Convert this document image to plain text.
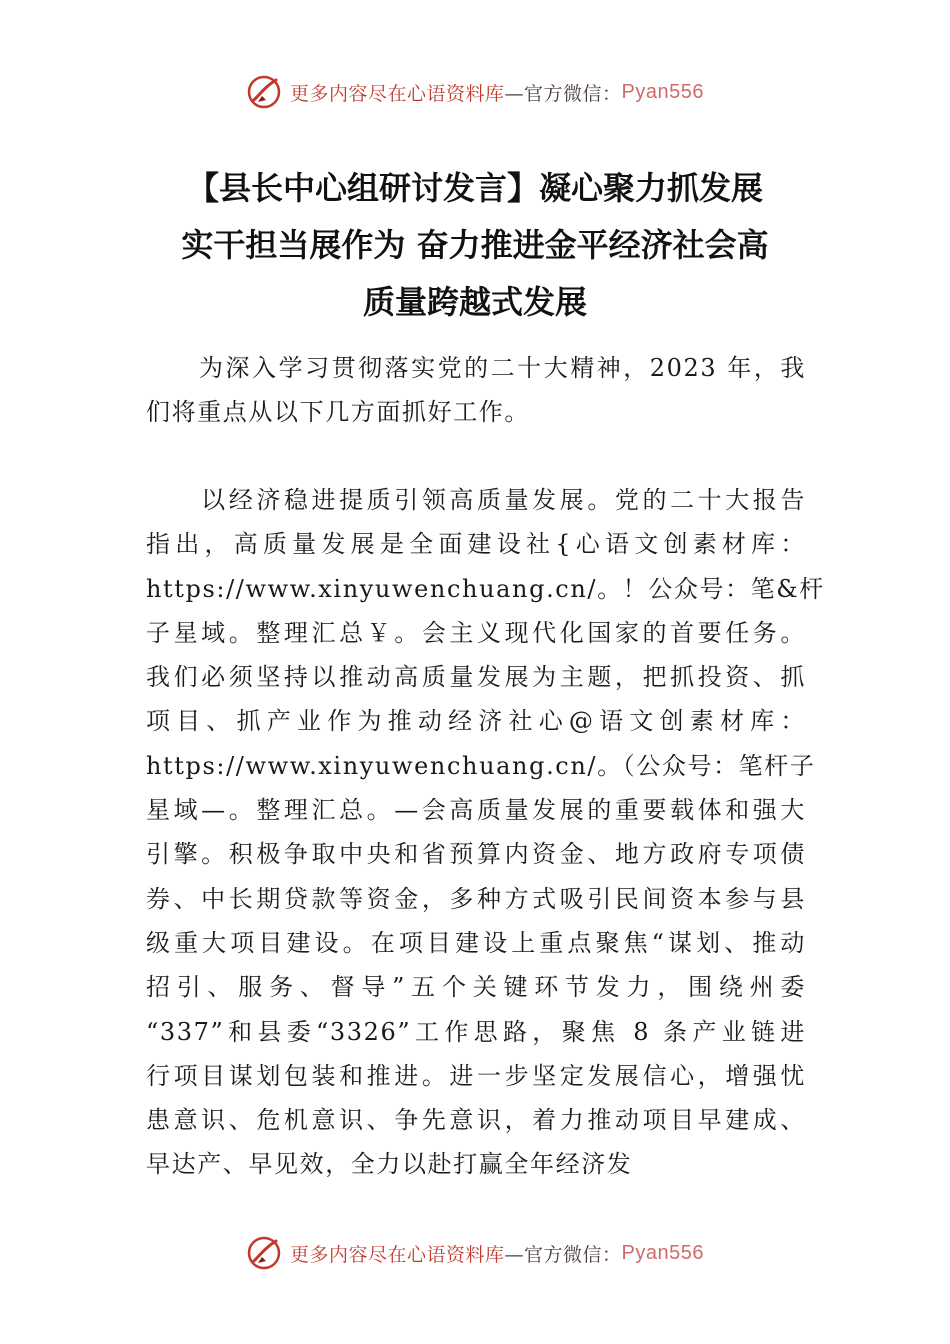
更多内容尽在心语资料库 —官方微信： Pyan556
【县长中心组研讨发言】凝心聚力抓发展
实干担当展作为 奋力推进金平经济社会高
质量跨越式发展
　　为深入学习贯彻落实党的二十大精神，2023 年，我
们将重点从以下几方面抓好工作。
　　以经济稳进提质引领高质量发展。党的二十大报告
指出，高质量发展是全面建设社{心语文创素材库：
https://www.xinyuwenchuang.cn/。！公众号：笔&杆
子星域。整理汇总￥。会主义现代化国家的首要任务。
我们必须坚持以推动高质量发展为主题，把抓投资、抓
项目、抓产业作为推动经济社心@语文创素材库：
https://www.xinyuwenchuang.cn/。（公众号：笔杆子
星域—。整理汇总。—会高质量发展的重要载体和强大
引擎。积极争取中央和省预算内资金、地方政府专项债
券、中长期贷款等资金，多种方式吸引民间资本参与县
级重大项目建设。在项目建设上重点聚焦“谋划、推动
招引、服务、督导”五个关键环节发力，围绕州委
“337”和县委“3326”工作思路，聚焦 8 条产业链进
行项目谋划包装和推进。进一步坚定发展信心，增强忧
患意识、危机意识、争先意识，着力推动项目早建成、
早达产、早见效，全力以赴打赢全年经济发
更多内容尽在心语资料库 —官方微信： Pyan556
